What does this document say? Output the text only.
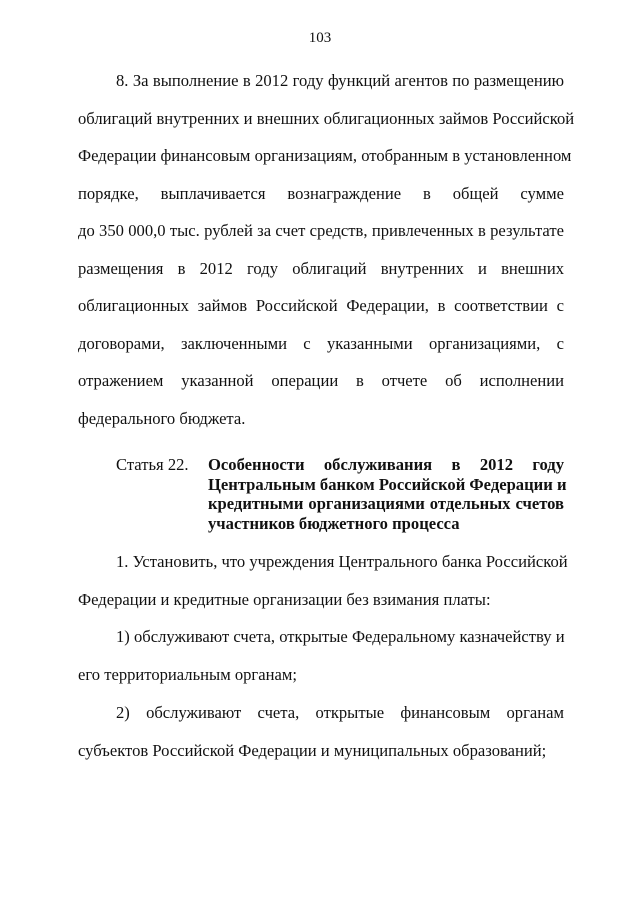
103
8. За выполнение в 2012 году функций агентов по размещению
облигаций внутренних и внешних облигационных займов Российской
Федерации финансовым организациям, отобранным в установленном
порядке, выплачивается вознаграждение в общей сумме
до 350 000,0 тыс. рублей за счет средств, привлеченных в результате
размещения в 2012 году облигаций внутренних и внешних
облигационных займов Российской Федерации, в соответствии с
договорами, заключенными с указанными организациями, с
отражением указанной операции в отчете об исполнении
федерального бюджета.
Статья 22. Особенности обслуживания в 2012 году
Центральным банком Российской Федерации и
кредитными организациями отдельных счетов
участников бюджетного процесса
1. Установить, что учреждения Центрального банка Российской
Федерации и кредитные организации без взимания платы:
1) обслуживают счета, открытые Федеральному казначейству и
его территориальным органам;
2) обслуживают счета, открытые финансовым органам
субъектов Российской Федерации и муниципальных образований;
